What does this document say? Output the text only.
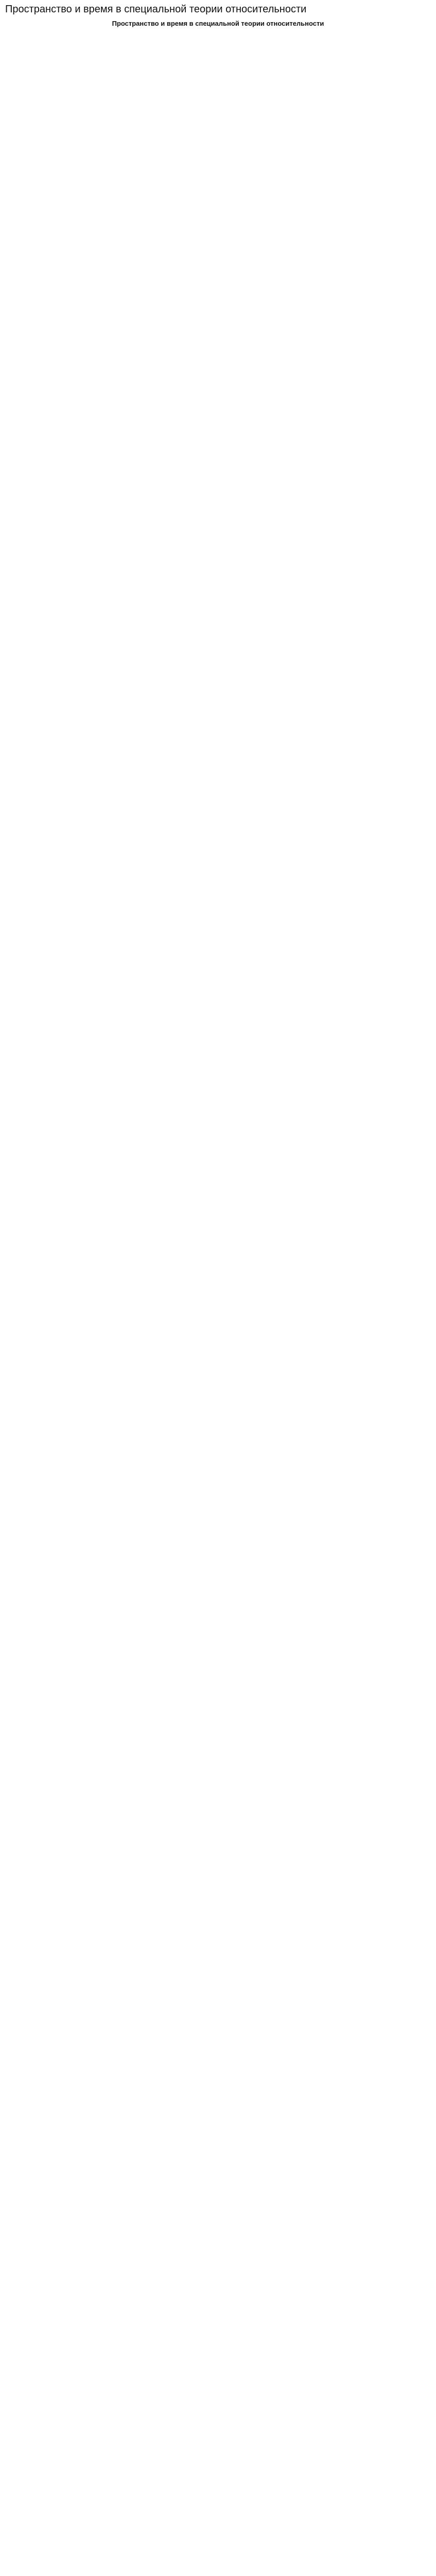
Пространство и время в специальной теории относительности
Пространство и время в специальной теории относительности
